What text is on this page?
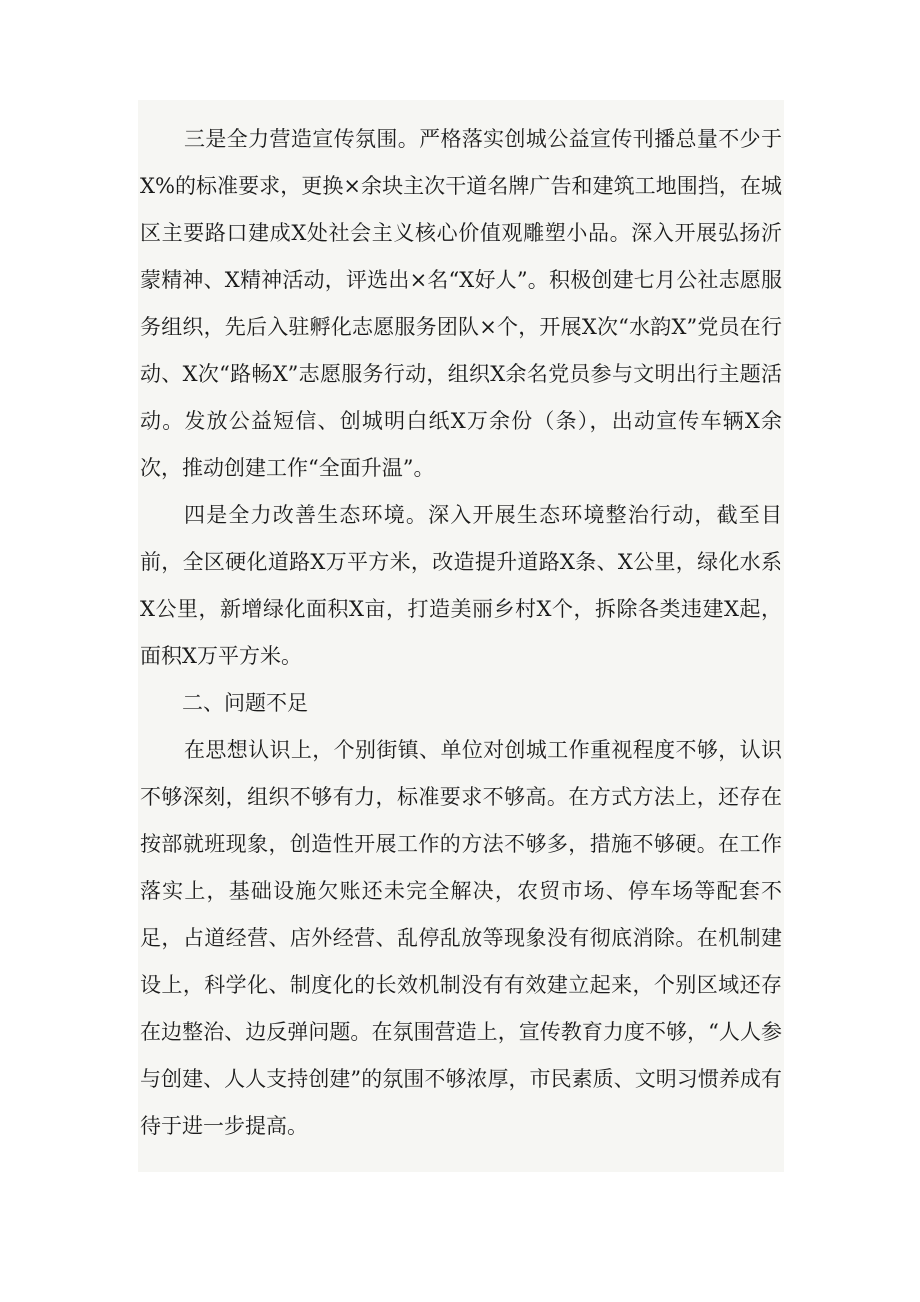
三是全力营造宣传氛围。严格落实创城公益宣传刊播总量不少于X%的标准要求，更换×余块主次干道名牌广告和建筑工地围挡，在城区主要路口建成X处社会主义核心价值观雕塑小品。深入开展弘扬沂蒙精神、X精神活动，评选出×名“X好人”。积极创建七月公社志愿服务组织，先后入驻孵化志愿服务团队×个，开展X次“水韵X”党员在行动、X次“路畅X”志愿服务行动，组织X余名党员参与文明出行主题活动。发放公益短信、创城明白纸X万余份（条），出动宣传车辆X余次，推动创建工作“全面升温”。

四是全力改善生态环境。深入开展生态环境整治行动，截至目前，全区硬化道路X万平方米，改造提升道路X条、X公里，绿化水系X公里，新增绿化面积X亩，打造美丽乡村X个，拆除各类违建X起，面积X万平方米。

二、问题不足

在思想认识上，个别街镇、单位对创城工作重视程度不够，认识不够深刻，组织不够有力，标准要求不够高。在方式方法上，还存在按部就班现象，创造性开展工作的方法不够多，措施不够硬。在工作落实上，基础设施欠账还未完全解决，农贸市场、停车场等配套不足，占道经营、店外经营、乱停乱放等现象没有彻底消除。在机制建设上，科学化、制度化的长效机制没有有效建立起来，个别区域还存在边整治、边反弹问题。在氛围营造上，宣传教育力度不够，“人人参与创建、人人支持创建”的氛围不够浓厚，市民素质、文明习惯养成有待于进一步提高。
